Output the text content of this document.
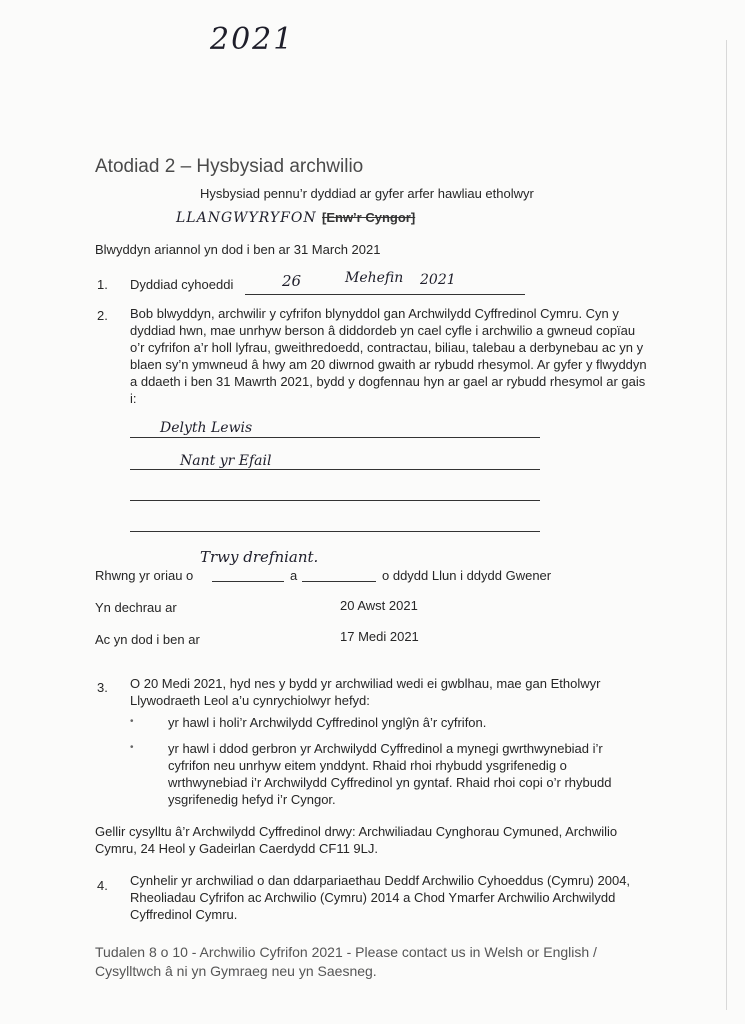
2021
Atodiad 2 – Hysbysiad archwilio
Hysbysiad pennu’r dyddiad ar gyfer arfer hawliau etholwyr
LLANGWYRYFON [Enw’r Cyngor]
Blwyddyn ariannol yn dod i ben ar 31 March 2021
1. Dyddiad cyhoeddi	26	Mehefin 2021
2. Bob blwyddyn, archwilir y cyfrifon blynyddol gan Archwilydd Cyffredinol Cymru. Cyn y dyddiad hwn, mae unrhyw berson â diddordeb yn cael cyfle i archwilio a gwneud copïau o’r cyfrifon a’r holl lyfrau, gweithredoedd, contractau, biliau, talebau a derbynebau ac yn y blaen sy’n ymwneud â hwy am 20 diwrnod gwaith ar rybudd rhesymol. Ar gyfer y flwyddyn a ddaeth i ben 31 Mawrth 2021, bydd y dogfennau hyn ar gael ar rybudd rhesymol ar gais i:
Delyth Lewis
Nant yr Efail
Trwy drefniant.
Rhwng yr oriau o	a	o ddydd Llun i ddydd Gwener
Yn dechrau ar	20 Awst 2021
Ac yn dod i ben ar	17 Medi 2021
3. O 20 Medi 2021, hyd nes y bydd yr archwiliad wedi ei gwblhau, mae gan Etholwyr Llywodraeth Leol a’u cynrychiolwyr hefyd:
•	yr hawl i holi’r Archwilydd Cyffredinol ynglŷn â’r cyfrifon.
•	yr hawl i ddod gerbron yr Archwilydd Cyffredinol a mynegi gwrthwynebiad i’r cyfrifon neu unrhyw eitem ynddynt. Rhaid rhoi rhybudd ysgrifenedig o wrthwynebiad i’r Archwilydd Cyffredinol yn gyntaf. Rhaid rhoi copi o’r rhybudd ysgrifenedig hefyd i’r Cyngor.
Gellir cysylltu â’r Archwilydd Cyffredinol drwy: Archwiliadau Cynghorau Cymuned, Archwilio Cymru, 24 Heol y Gadeirlan Caerdydd CF11 9LJ.
4. Cynhelir yr archwiliad o dan ddarpariaethau Deddf Archwilio Cyhoeddus (Cymru) 2004, Rheoliadau Cyfrifon ac Archwilio (Cymru) 2014 a Chod Ymarfer Archwilio Archwilydd Cyffredinol Cymru.
Tudalen 8 o 10 - Archwilio Cyfrifon 2021 - Please contact us in Welsh or English / Cysylltwch â ni yn Gymraeg neu yn Saesneg.
